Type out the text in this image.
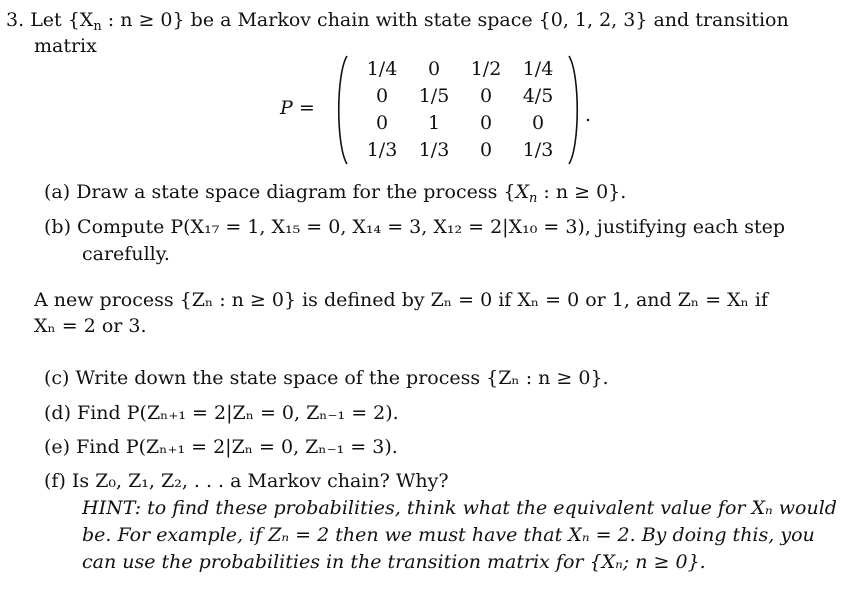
3. Let {$X_n$ : n ≥ 0} be a Markov chain with state space {0, 1, 2, 3} and transition
matrix
P =
1/4	0	1/2	1/4
0	1/5	0	4/5
0	1	0	0
1/3	1/3	0	1/3
.
(a) Draw a state space diagram for the process {$X_n$ : n ≥ 0}.
(b) Compute P(X₁₇ = 1, X₁₅ = 0, X₁₄ = 3, X₁₂ = 2|X₁₀ = 3), justifying each step
carefully.
A new process {Zₙ : n ≥ 0} is defined by Zₙ = 0 if Xₙ = 0 or 1, and Zₙ = Xₙ if
Xₙ = 2 or 3.
(c) Write down the state space of the process {Zₙ : n ≥ 0}.
(d) Find P(Zₙ₊₁ = 2|Zₙ = 0, Zₙ₋₁ = 2).
(e) Find P(Zₙ₊₁ = 2|Zₙ = 0, Zₙ₋₁ = 3).
(f) Is Z₀, Z₁, Z₂, . . . a Markov chain? Why?
HINT: to find these probabilities, think what the equivalent value for Xₙ would
be. For example, if Zₙ = 2 then we must have that Xₙ = 2. By doing this, you
can use the probabilities in the transition matrix for {Xₙ; n ≥ 0}.
